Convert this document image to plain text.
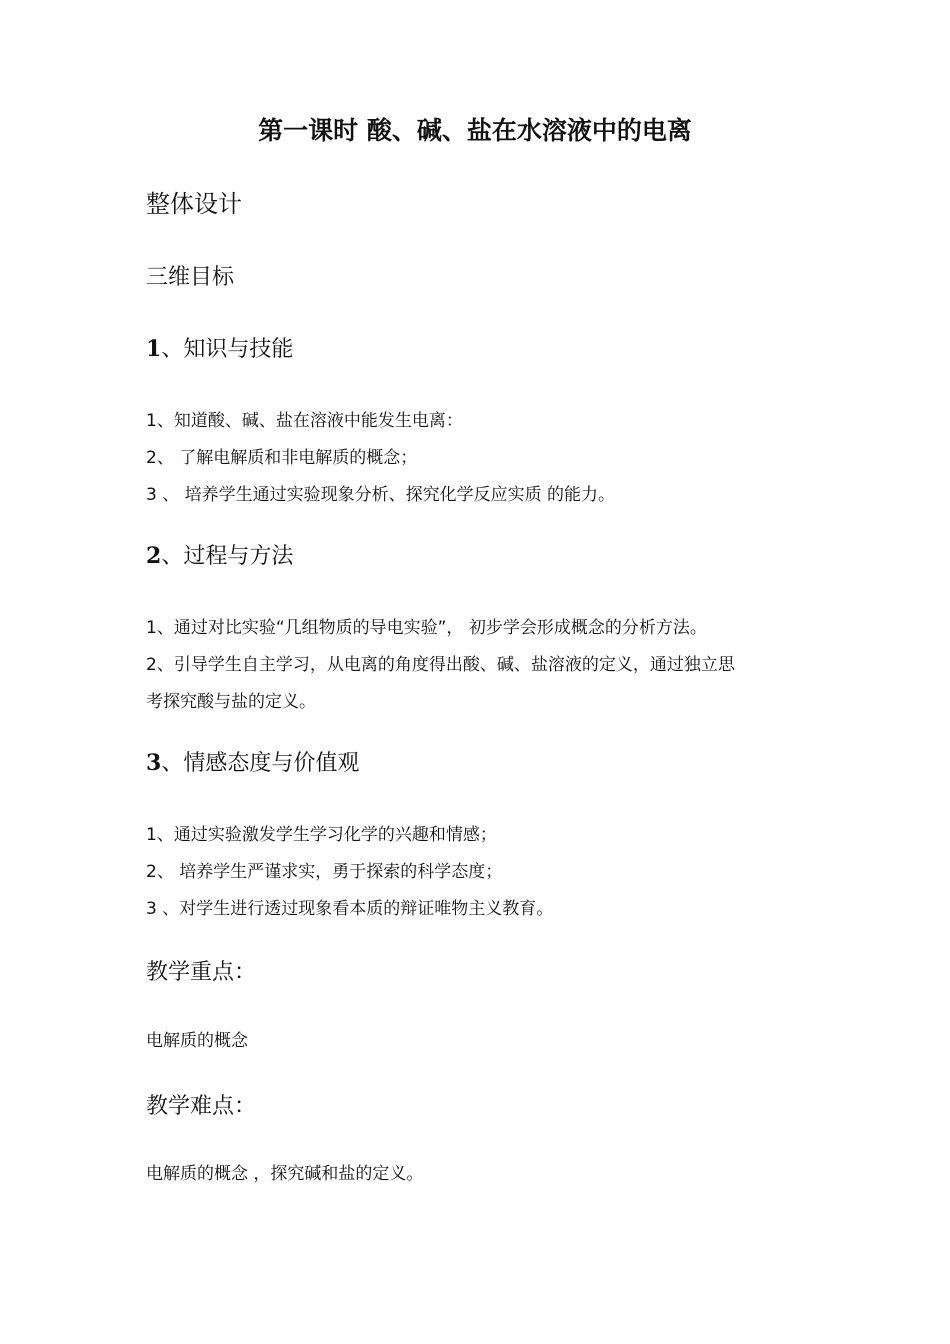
第一课时 酸、碱、盐在水溶液中的电离
整体设计
三维目标
1、知识与技能
1、知道酸、碱、盐在溶液中能发生电离：
2、 了解电解质和非电解质的概念；
3 、 培养学生通过实验现象分析、探究化学反应实质 的能力。
2、过程与方法
1、通过对比实验“几组物质的导电实验”， 初步学会形成概念的分析方法。
2、引导学生自主学习，从电离的角度得出酸、碱、盐溶液的定义，通过独立思
考探究酸与盐的定义。
3、情感态度与价值观
1、通过实验激发学生学习化学的兴趣和情感；
2、 培养学生严谨求实，勇于探索的科学态度；
3 、对学生进行透过现象看本质的辩证唯物主义教育。
教学重点：
电解质的概念
教学难点：
电解质的概念 ，探究碱和盐的定义。
